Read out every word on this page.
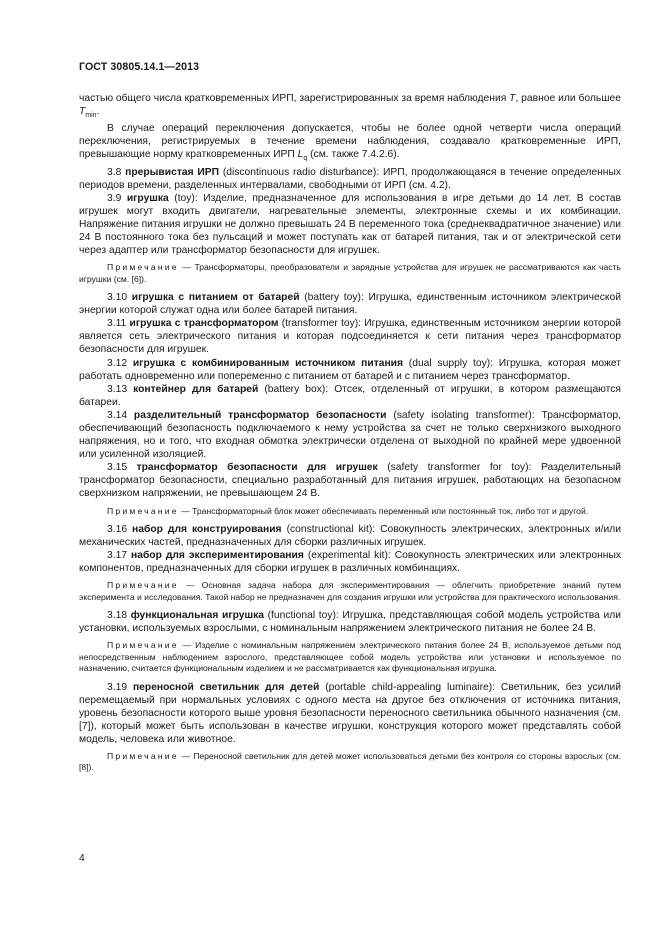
ГОСТ 30805.14.1—2013

частью общего числа кратковременных ИРП, зарегистрированных за время наблюдения T, равное или большее $T_{min}$.

В случае операций переключения допускается, чтобы не более одной четверти числа операций переключения, регистрируемых в течение времени наблюдения, создавало кратковременные ИРП, превышающие норму кратковременных ИРП $L_q$ (см. также 7.4.2.6).

3.8 прерывистая ИРП (discontinuous radio disturbance): ИРП, продолжающаяся в течение определенных периодов времени, разделенных интервалами, свободными от ИРП (см. 4.2).

3.9 игрушка (toy): Изделие, предназначенное для использования в игре детьми до 14 лет. В состав игрушек могут входить двигатели, нагревательные элементы, электронные схемы и их комбинации. Напряжение питания игрушки не должно превышать 24 В переменного тока (среднеквадратичное значение) или 24 В постоянного тока без пульсаций и может поступать как от батарей питания, так и от электрической сети через адаптер или трансформатор безопасности для игрушек.

Примечание — Трансформаторы, преобразователи и зарядные устройства для игрушек не рассматриваются как часть игрушки (см. [6]).

3.10 игрушка с питанием от батарей (battery toy): Игрушка, единственным источником электрической энергии которой служат одна или более батарей питания.

3.11 игрушка с трансформатором (transformer toy): Игрушка, единственным источником энергии которой является сеть электрического питания и которая подсоединяется к сети питания через трансформатор безопасности для игрушек.

3.12 игрушка с комбинированным источником питания (dual supply toy): Игрушка, которая может работать одновременно или попеременно с питанием от батарей и с питанием через трансформатор.

3.13 контейнер для батарей (battery box): Отсек, отделенный от игрушки, в котором размещаются батареи.

3.14 разделительный трансформатор безопасности (safety isolating transformer): Трансформатор, обеспечивающий безопасность подключаемого к нему устройства за счет не только сверхнизкого выходного напряжения, но и того, что входная обмотка электрически отделена от выходной по крайней мере удвоенной или усиленной изоляцией.

3.15 трансформатор безопасности для игрушек (safety transformer for toy): Разделительный трансформатор безопасности, специально разработанный для питания игрушек, работающих на безопасном сверхнизком напряжении, не превышающем 24 В.

Примечание — Трансформаторный блок может обеспечивать переменный или постоянный ток, либо тот и другой.

3.16 набор для конструирования (constructional kit): Совокупность электрических, электронных и/или механических частей, предназначенных для сборки различных игрушек.

3.17 набор для экспериментирования (experimental kit): Совокупность электрических или электронных компонентов, предназначенных для сборки игрушек в различных комбинациях.

Примечание — Основная задача набора для экспериментирования — облегчить приобретение знаний путем эксперимента и исследования. Такой набор не предназначен для создания игрушки или устройства для практического использования.

3.18 функциональная игрушка (functional toy): Игрушка, представляющая собой модель устройства или установки, используемых взрослыми, с номинальным напряжением электрического питания не более 24 В.

Примечание — Изделие с номинальным напряжением электрического питания более 24 В, используемое детьми под непосредственным наблюдением взрослого, представляющее собой модель устройства или установки и используемое по назначению, считается функциональным изделием и не рассматривается как функциональная игрушка.

3.19 переносной светильник для детей (portable child-appealing luminaire): Светильник, без усилий перемещаемый при нормальных условиях с одного места на другое без отключения от источника питания, уровень безопасности которого выше уровня безопасности переносного светильника обычного назначения (см. [7]), который может быть использован в качестве игрушки, конструкция которого может представлять собой модель, человека или животное.

Примечание — Переносной светильник для детей может использоваться детьми без контроля со стороны взрослых (см. [8]).

4
